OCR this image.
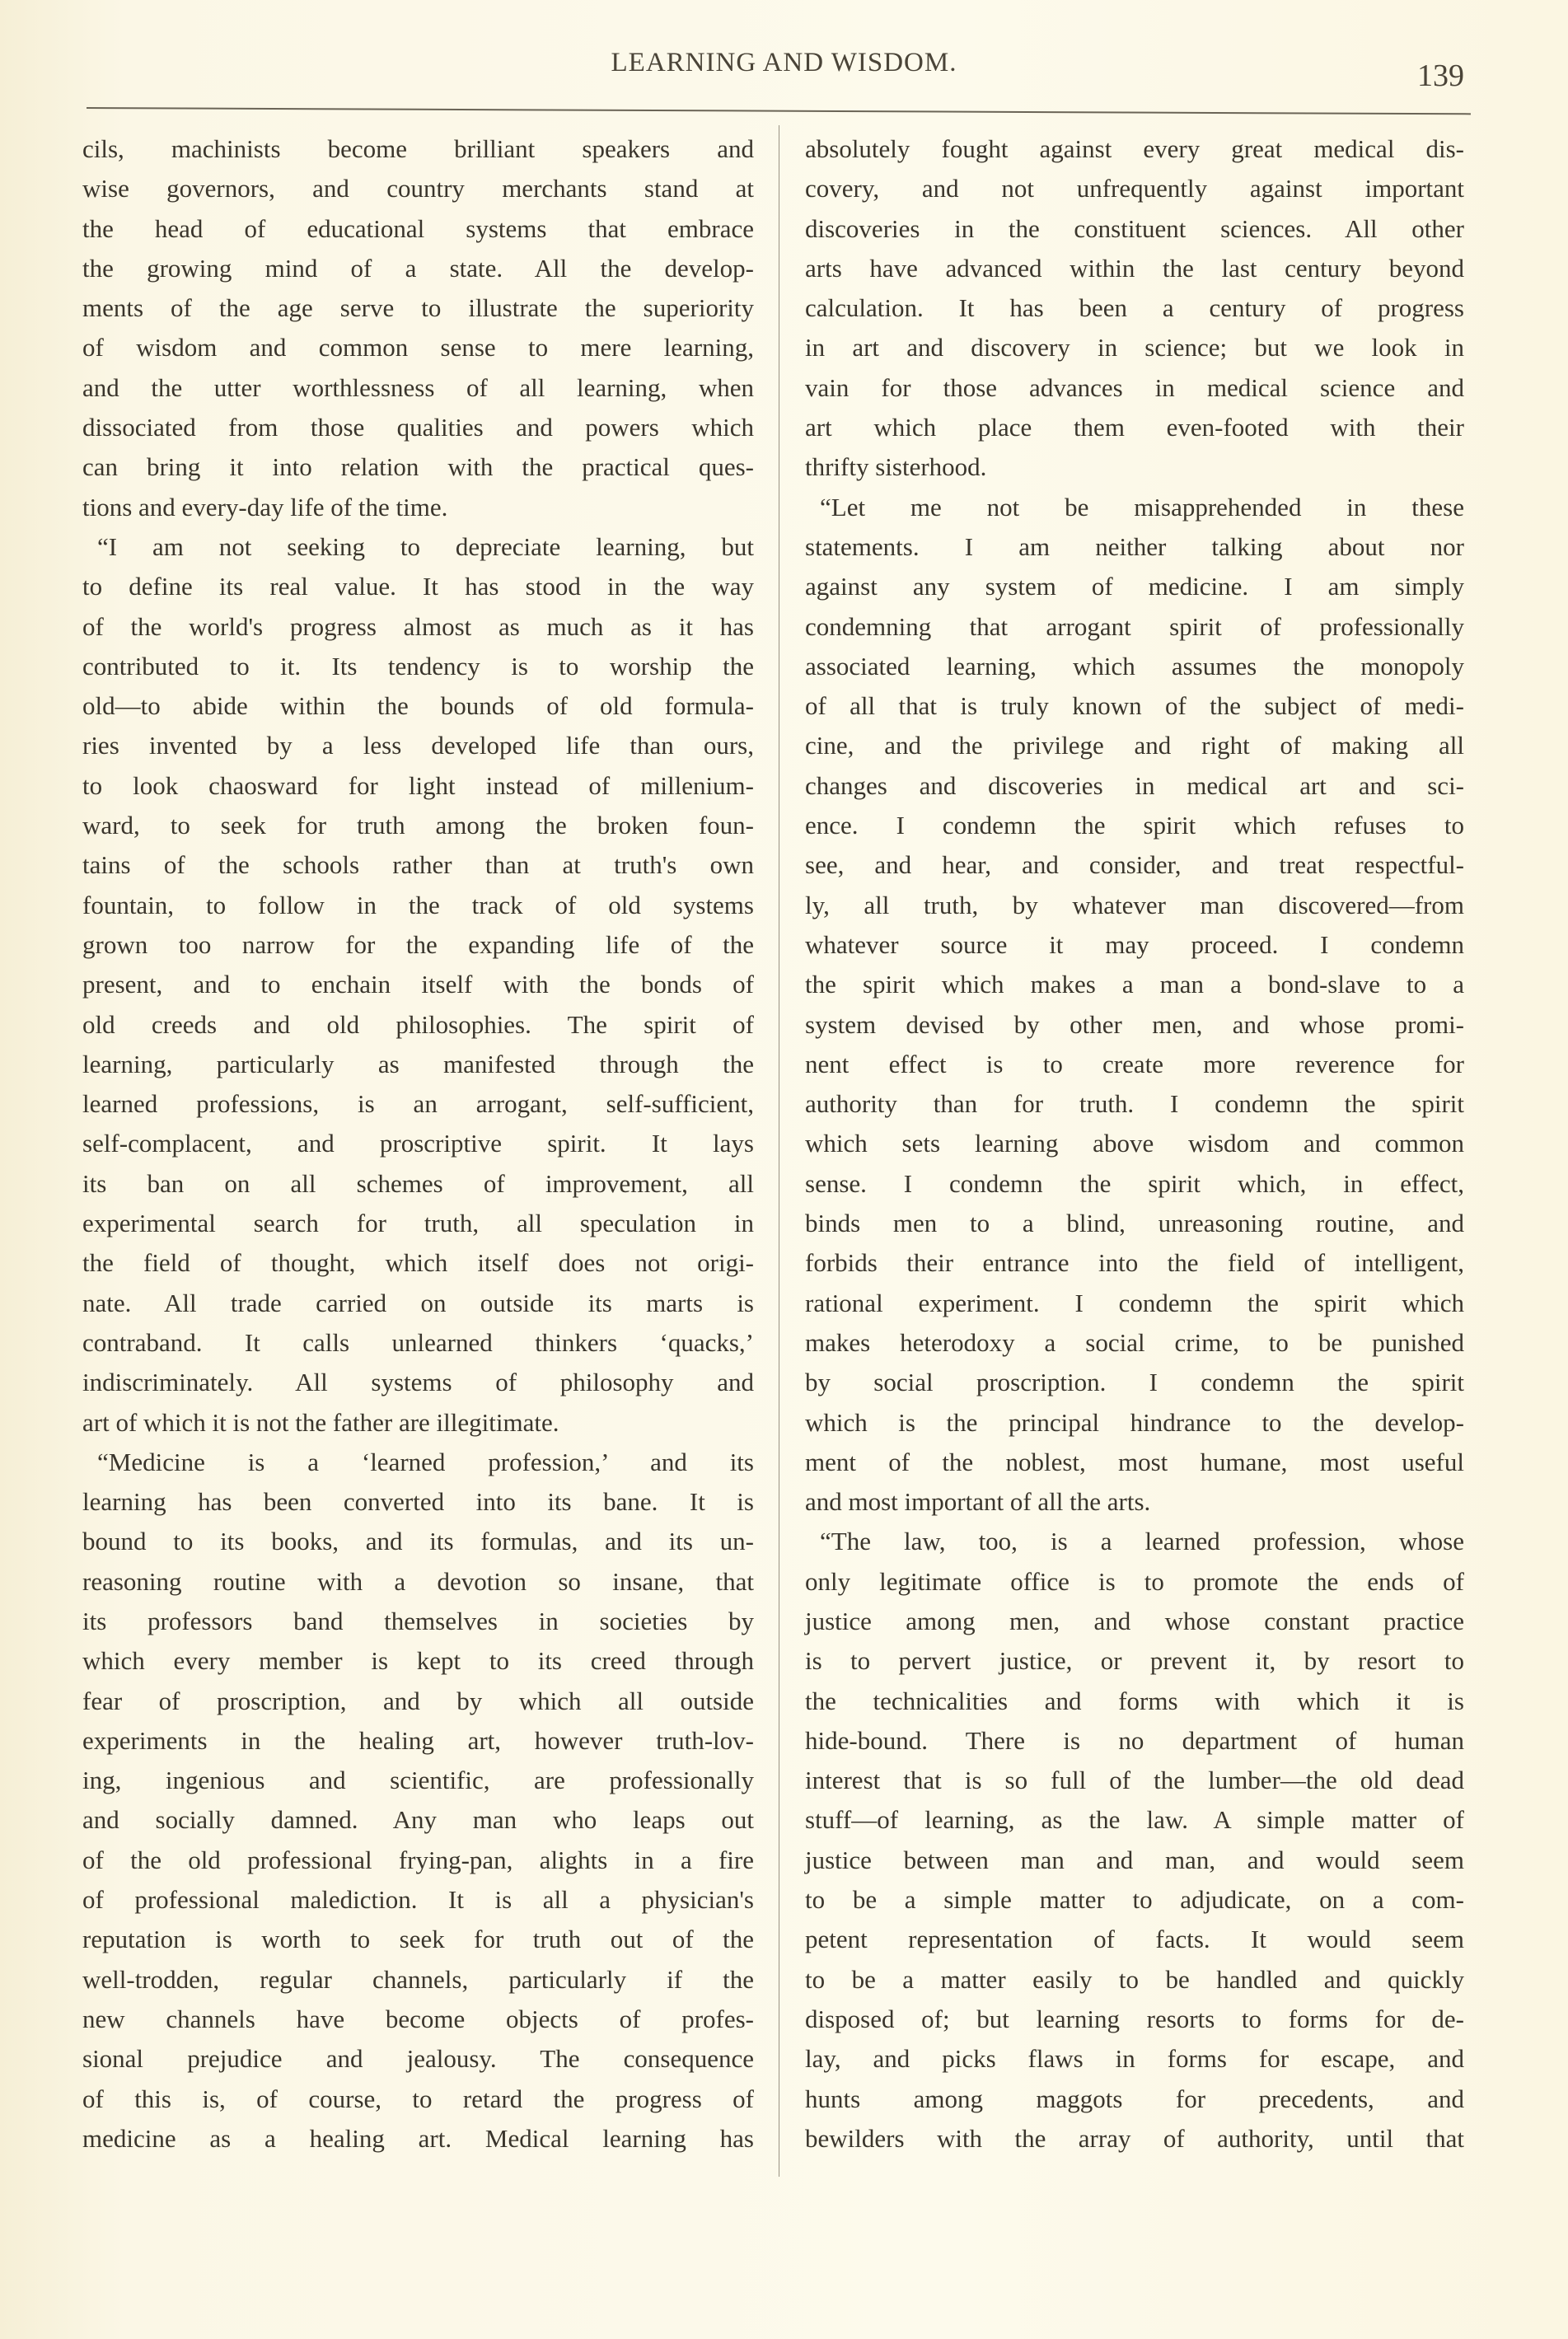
LEARNING AND WISDOM.	139
cils, machinists become brilliant speakers and
wise governors, and country merchants stand at
the head of educational systems that embrace
the growing mind of a state. All the develop-
ments of the age serve to illustrate the superiority
of wisdom and common sense to mere learning,
and the utter worthlessness of all learning, when
dissociated from those qualities and powers which
can bring it into relation with the practical ques-
tions and every-day life of the time.
“I am not seeking to depreciate learning, but
to define its real value. It has stood in the way
of the world's progress almost as much as it has
contributed to it. Its tendency is to worship the
old—to abide within the bounds of old formula-
ries invented by a less developed life than ours,
to look chaosward for light instead of millenium-
ward, to seek for truth among the broken foun-
tains of the schools rather than at truth's own
fountain, to follow in the track of old systems
grown too narrow for the expanding life of the
present, and to enchain itself with the bonds of
old creeds and old philosophies. The spirit of
learning, particularly as manifested through the
learned professions, is an arrogant, self-sufficient,
self-complacent, and proscriptive spirit. It lays
its ban on all schemes of improvement, all
experimental search for truth, all speculation in
the field of thought, which itself does not origi-
nate. All trade carried on outside its marts is
contraband. It calls unlearned thinkers ‘quacks,’
indiscriminately. All systems of philosophy and
art of which it is not the father are illegitimate.
“Medicine is a ‘learned profession,’ and its
learning has been converted into its bane. It is
bound to its books, and its formulas, and its un-
reasoning routine with a devotion so insane, that
its professors band themselves in societies by
which every member is kept to its creed through
fear of proscription, and by which all outside
experiments in the healing art, however truth-lov-
ing, ingenious and scientific, are professionally
and socially damned. Any man who leaps out
of the old professional frying-pan, alights in a fire
of professional malediction. It is all a physician's
reputation is worth to seek for truth out of the
well-trodden, regular channels, particularly if the
new channels have become objects of profes-
sional prejudice and jealousy. The consequence
of this is, of course, to retard the progress of
medicine as a healing art. Medical learning has
absolutely fought against every great medical dis-
covery, and not unfrequently against important
discoveries in the constituent sciences. All other
arts have advanced within the last century beyond
calculation. It has been a century of progress
in art and discovery in science; but we look in
vain for those advances in medical science and
art which place them even-footed with their
thrifty sisterhood.
“Let me not be misapprehended in these
statements. I am neither talking about nor
against any system of medicine. I am simply
condemning that arrogant spirit of professionally
associated learning, which assumes the monopoly
of all that is truly known of the subject of medi-
cine, and the privilege and right of making all
changes and discoveries in medical art and sci-
ence. I condemn the spirit which refuses to
see, and hear, and consider, and treat respectful-
ly, all truth, by whatever man discovered—from
whatever source it may proceed. I condemn
the spirit which makes a man a bond-slave to a
system devised by other men, and whose promi-
nent effect is to create more reverence for
authority than for truth. I condemn the spirit
which sets learning above wisdom and common
sense. I condemn the spirit which, in effect,
binds men to a blind, unreasoning routine, and
forbids their entrance into the field of intelligent,
rational experiment. I condemn the spirit which
makes heterodoxy a social crime, to be punished
by social proscription. I condemn the spirit
which is the principal hindrance to the develop-
ment of the noblest, most humane, most useful
and most important of all the arts.
“The law, too, is a learned profession, whose
only legitimate office is to promote the ends of
justice among men, and whose constant practice
is to pervert justice, or prevent it, by resort to
the technicalities and forms with which it is
hide-bound. There is no department of human
interest that is so full of the lumber—the old dead
stuff—of learning, as the law. A simple matter of
justice between man and man, and would seem
to be a simple matter to adjudicate, on a com-
petent representation of facts. It would seem
to be a matter easily to be handled and quickly
disposed of; but learning resorts to forms for de-
lay, and picks flaws in forms for escape, and
hunts among maggots for precedents, and
bewilders with the array of authority, until that
